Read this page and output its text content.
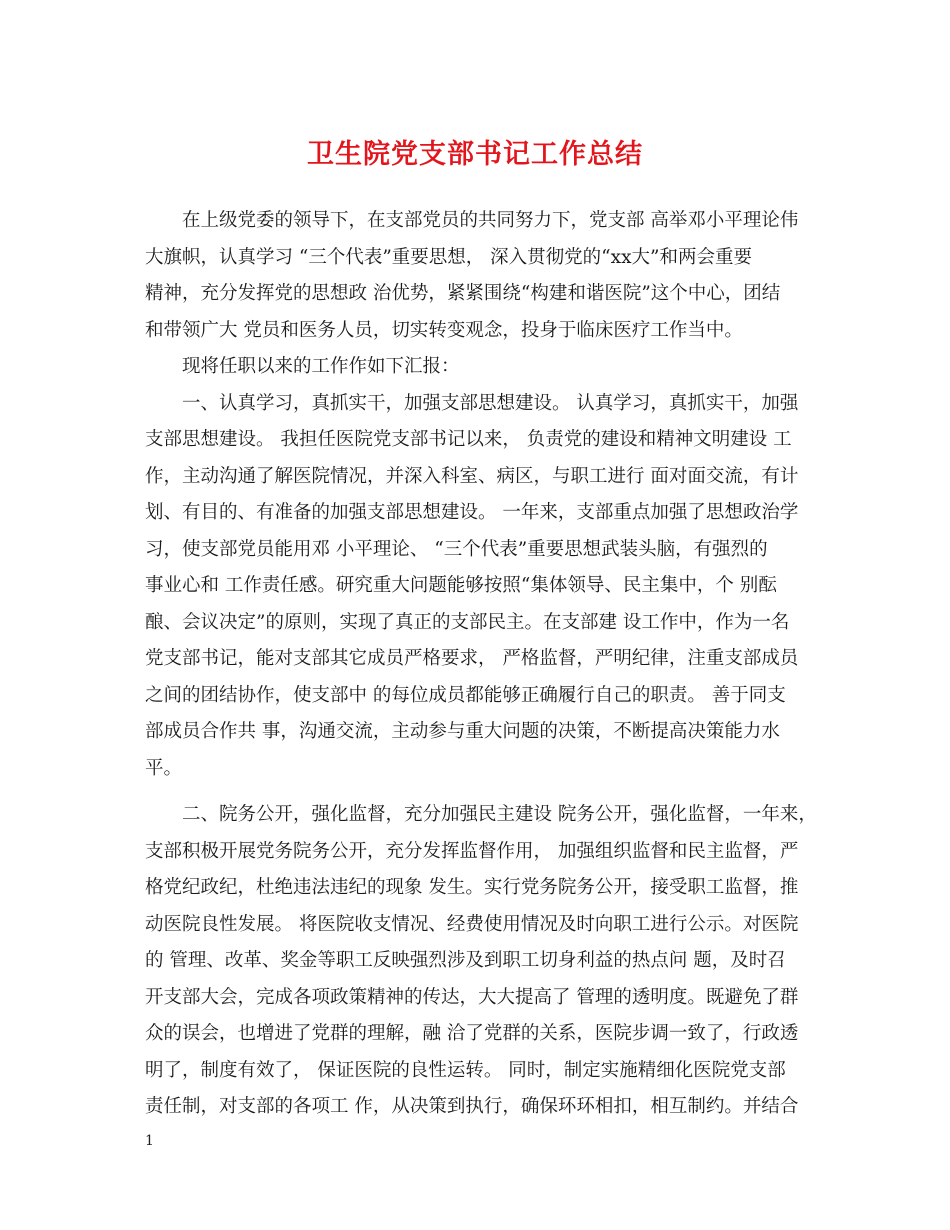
卫生院党支部书记工作总结
在上级党委的领导下，在支部党员的共同努力下，党支部 高举邓小平理论伟
大旗帜，认真学习 “三个代表”重要思想， 深入贯彻党的“xx大”和两会重要
精神，充分发挥党的思想政 治优势，紧紧围绕“构建和谐医院”这个中心，团结
和带领广大 党员和医务人员，切实转变观念，投身于临床医疗工作当中。
现将任职以来的工作作如下汇报：
一、认真学习，真抓实干，加强支部思想建设。 认真学习，真抓实干，加强
支部思想建设。 我担任医院党支部书记以来， 负责党的建设和精神文明建设 工
作，主动沟通了解医院情况，并深入科室、病区，与职工进行 面对面交流，有计
划、有目的、有准备的加强支部思想建设。 一年来，支部重点加强了思想政治学
习，使支部党员能用邓 小平理论、 “三个代表”重要思想武装头脑，有强烈的
事业心和 工作责任感。研究重大问题能够按照“集体领导、民主集中，个 别酝
酿、会议决定”的原则，实现了真正的支部民主。在支部建 设工作中，作为一名
党支部书记，能对支部其它成员严格要求， 严格监督，严明纪律，注重支部成员
之间的团结协作，使支部中 的每位成员都能够正确履行自己的职责。 善于同支
部成员合作共 事，沟通交流，主动参与重大问题的决策，不断提高决策能力水
平。
二、院务公开，强化监督，充分加强民主建设 院务公开，强化监督，一年来，
支部积极开展党务院务公开，充分发挥监督作用， 加强组织监督和民主监督，严
格党纪政纪，杜绝违法违纪的现象 发生。实行党务院务公开，接受职工监督，推
动医院良性发展。 将医院收支情况、经费使用情况及时向职工进行公示。对医院
的 管理、改革、奖金等职工反映强烈涉及到职工切身利益的热点问 题，及时召
开支部大会，完成各项政策精神的传达，大大提高了 管理的透明度。既避免了群
众的误会，也增进了党群的理解，融 洽了党群的关系，医院步调一致了，行政透
明了，制度有效了， 保证医院的良性运转。 同时，制定实施精细化医院党支部
责任制，对支部的各项工 作，从决策到执行，确保环环相扣，相互制约。并结合
1
